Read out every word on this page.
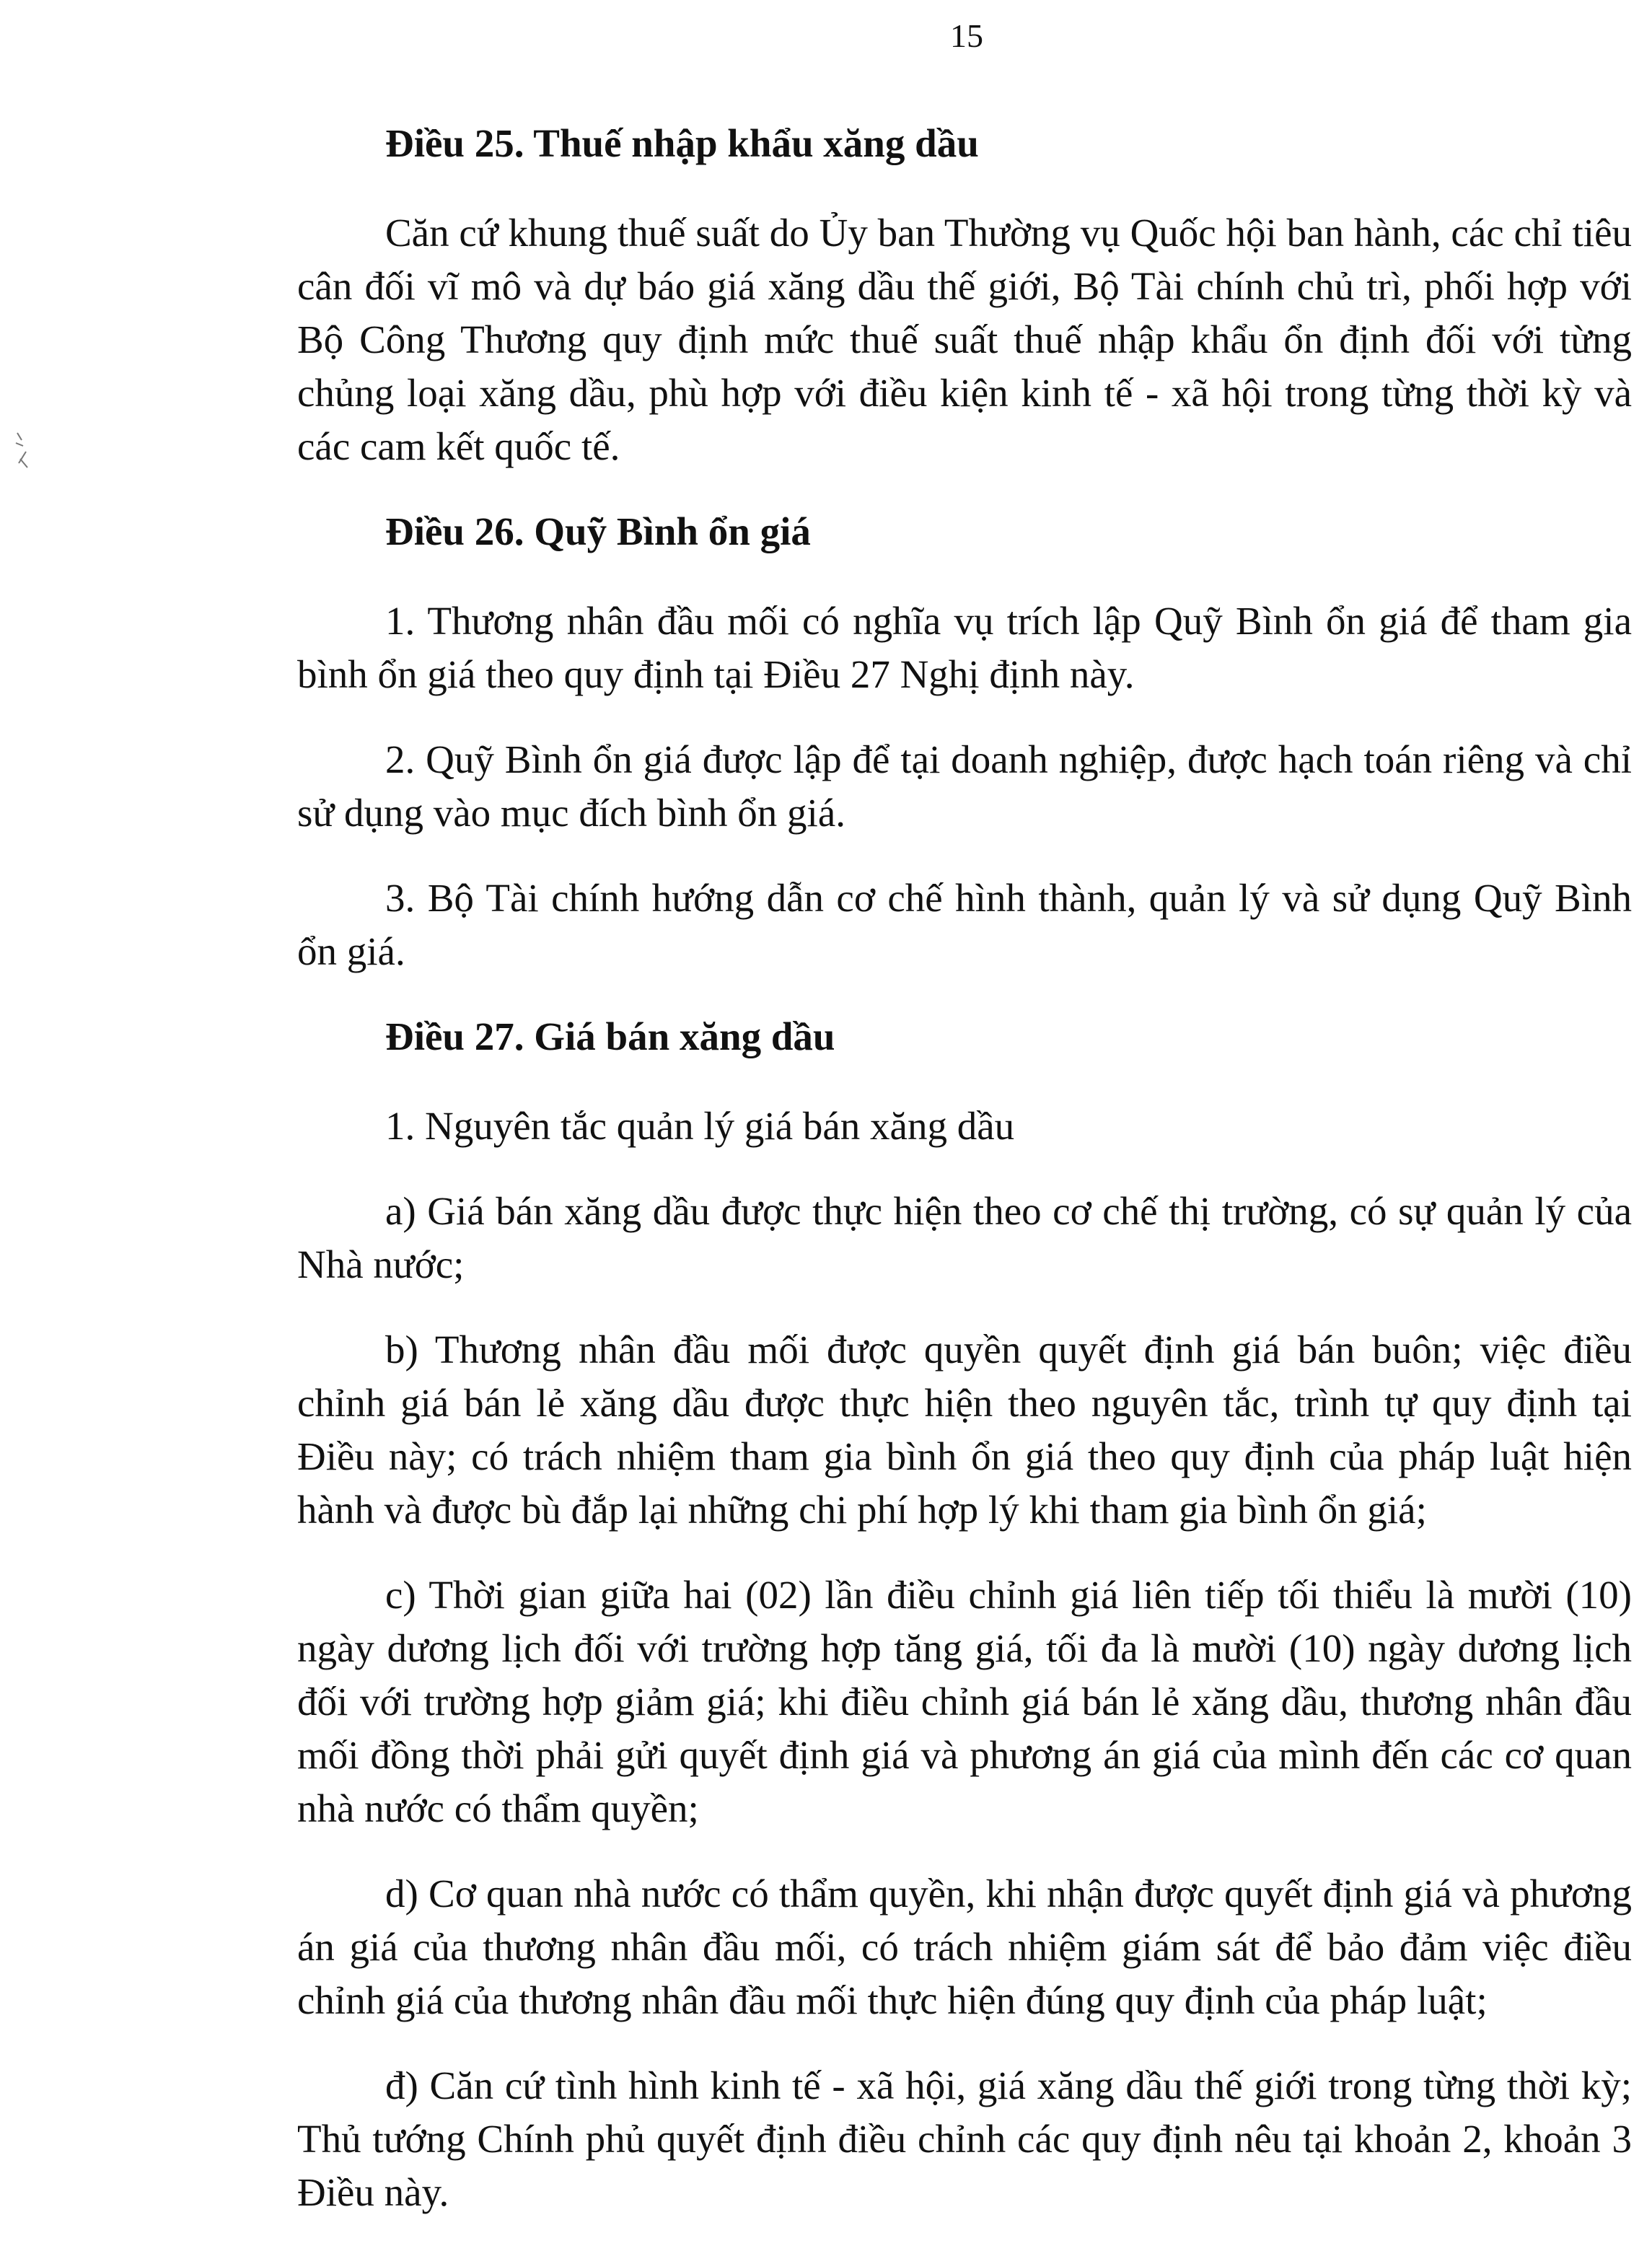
15
Điều 25. Thuế nhập khẩu xăng dầu

Căn cứ khung thuế suất do Ủy ban Thường vụ Quốc hội ban hành, các chỉ tiêu cân đối vĩ mô và dự báo giá xăng dầu thế giới, Bộ Tài chính chủ trì, phối hợp với Bộ Công Thương quy định mức thuế suất thuế nhập khẩu ổn định đối với từng chủng loại xăng dầu, phù hợp với điều kiện kinh tế - xã hội trong từng thời kỳ và các cam kết quốc tế.

Điều 26. Quỹ Bình ổn giá

1. Thương nhân đầu mối có nghĩa vụ trích lập Quỹ Bình ổn giá để tham gia bình ổn giá theo quy định tại Điều 27 Nghị định này.

2. Quỹ Bình ổn giá được lập để tại doanh nghiệp, được hạch toán riêng và chỉ sử dụng vào mục đích bình ổn giá.

3. Bộ Tài chính hướng dẫn cơ chế hình thành, quản lý và sử dụng Quỹ Bình ổn giá.

Điều 27. Giá bán xăng dầu

1. Nguyên tắc quản lý giá bán xăng dầu

a) Giá bán xăng dầu được thực hiện theo cơ chế thị trường, có sự quản lý của Nhà nước;

b) Thương nhân đầu mối được quyền quyết định giá bán buôn; việc điều chỉnh giá bán lẻ xăng dầu được thực hiện theo nguyên tắc, trình tự quy định tại Điều này; có trách nhiệm tham gia bình ổn giá theo quy định của pháp luật hiện hành và được bù đắp lại những chi phí hợp lý khi tham gia bình ổn giá;

c) Thời gian giữa hai (02) lần điều chỉnh giá liên tiếp tối thiểu là mười (10) ngày dương lịch đối với trường hợp tăng giá, tối đa là mười (10) ngày dương lịch đối với trường hợp giảm giá; khi điều chỉnh giá bán lẻ xăng dầu, thương nhân đầu mối đồng thời phải gửi quyết định giá và phương án giá của mình đến các cơ quan nhà nước có thẩm quyền;

d) Cơ quan nhà nước có thẩm quyền, khi nhận được quyết định giá và phương án giá của thương nhân đầu mối, có trách nhiệm giám sát để bảo đảm việc điều chỉnh giá của thương nhân đầu mối thực hiện đúng quy định của pháp luật;

đ) Căn cứ tình hình kinh tế - xã hội, giá xăng dầu thế giới trong từng thời kỳ; Thủ tướng Chính phủ quyết định điều chỉnh các quy định nêu tại khoản 2, khoản 3 Điều này.
